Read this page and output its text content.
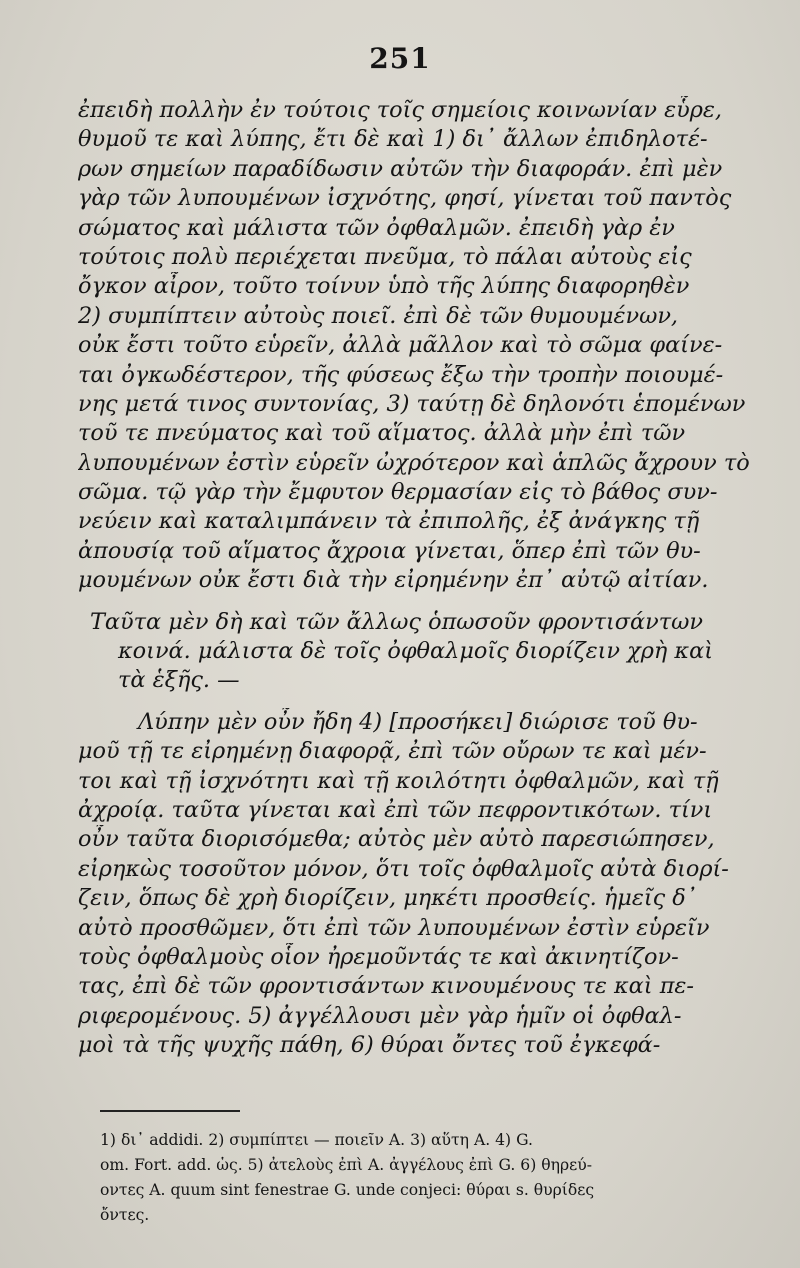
251
ἐπειδὴ πολλὴν ἐν τούτοις τοῖς σημείοις κοινωνίαν εὗρε,
θυμοῦ τε καὶ λύπης, ἔτι δὲ καὶ 1) δι᾽ ἄλλων ἐπιδηλοτέ-
ρων σημείων παραδίδωσιν αὐτῶν τὴν διαφοράν. ἐπὶ μὲν
γὰρ τῶν λυπουμένων ἰσχνότης, φησί, γίνεται τοῦ παντὸς
σώματος καὶ μάλιστα τῶν ὀφθαλμῶν. ἐπειδὴ γὰρ ἐν
τούτοις πολὺ περιέχεται πνεῦμα, τὸ πάλαι αὐτοὺς εἰς
ὄγκον αἶρον, τοῦτο τοίνυν ὑπὸ τῆς λύπης διαφορηθὲν
2) συμπίπτειν αὐτοὺς ποιεῖ. ἐπὶ δὲ τῶν θυμουμένων,
οὐκ ἔστι τοῦτο εὑρεῖν, ἀλλὰ μᾶλλον καὶ τὸ σῶμα φαίνε-
ται ὀγκωδέστερον, τῆς φύσεως ἔξω τὴν τροπὴν ποιουμέ-
νης μετά τινος συντονίας, 3) ταύτῃ δὲ δηλονότι ἑπομένων
τοῦ τε πνεύματος καὶ τοῦ αἵματος. ἀλλὰ μὴν ἐπὶ τῶν
λυπουμένων ἐστὶν εὑρεῖν ὠχρότερον καὶ ἁπλῶς ἄχρουν τὸ
σῶμα. τῷ γὰρ τὴν ἔμφυτον θερμασίαν εἰς τὸ βάθος συν-
νεύειν καὶ καταλιμπάνειν τὰ ἐπιπολῆς, ἐξ ἀνάγκης τῇ
ἀπουσίᾳ τοῦ αἵματος ἄχροια γίνεται, ὅπερ ἐπὶ τῶν θυ-
μουμένων οὐκ ἔστι διὰ τὴν εἰρημένην ἐπ᾽ αὐτῷ αἰτίαν.
Ταῦτα μὲν δὴ καὶ τῶν ἄλλως ὁπωσοῦν φροντισάντων
κοινά. μάλιστα δὲ τοῖς ὀφθαλμοῖς διορίζειν χρὴ καὶ
τὰ ἑξῆς. —
Λύπην μὲν οὖν ἤδη 4) [προσήκει] διώρισε τοῦ θυ-
μοῦ τῇ τε εἰρημένῃ διαφορᾷ, ἐπὶ τῶν οὔρων τε καὶ μέν-
τοι καὶ τῇ ἰσχνότητι καὶ τῇ κοιλότητι ὀφθαλμῶν, καὶ τῇ
ἀχροίᾳ. ταῦτα γίνεται καὶ ἐπὶ τῶν πεφροντικότων. τίνι
οὖν ταῦτα διορισόμεθα; αὐτὸς μὲν αὐτὸ παρεσιώπησεν,
εἰρηκὼς τοσοῦτον μόνον, ὅτι τοῖς ὀφθαλμοῖς αὐτὰ διορί-
ζειν, ὅπως δὲ χρὴ διορίζειν, μηκέτι προσθείς. ἡμεῖς δ᾽
αὐτὸ προσθῶμεν, ὅτι ἐπὶ τῶν λυπουμένων ἐστὶν εὑρεῖν
τοὺς ὀφθαλμοὺς οἷον ἠρεμοῦντάς τε καὶ ἀκινητίζον-
τας, ἐπὶ δὲ τῶν φροντισάντων κινουμένους τε καὶ πε-
ριφερομένους. 5) ἀγγέλλουσι μὲν γὰρ ἡμῖν οἱ ὀφθαλ-
μοὶ τὰ τῆς ψυχῆς πάθη, 6) θύραι ὄντες τοῦ ἐγκεφά-
1) δι᾽ addidi. 2) συμπίπτει — ποιεῖν A. 3) αὕτη A. 4) G.
om. Fort. add. ὡς. 5) ἀτελοὺς ἐπὶ A. ἀγγέλους ἐπὶ G. 6) θηρεύ-
οντες A. quum sint fenestrae G. unde conjeci: θύραι s. θυρίδες
ὄντες.
